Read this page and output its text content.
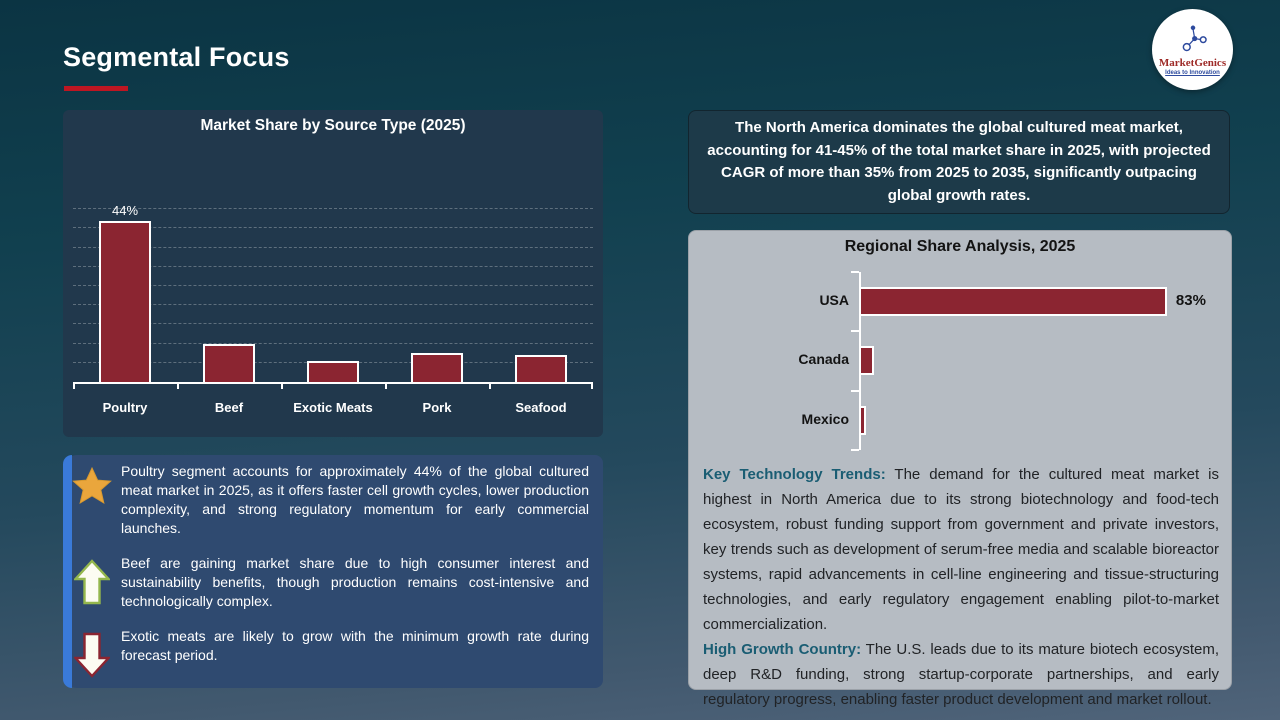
Segmental Focus	MarketGenics
Ideas to Innovation
Market Share by Source Type (2025)
44%
Poultry	Beef	Exotic Meats	Pork	Seafood
The North America dominates the global cultured meat market, accounting for 41-45% of the total market share in 2025, with projected CAGR of more than 35% from 2025 to 2035, significantly outpacing global growth rates.
Regional Share Analysis, 2025
USA	83%
Canada
Mexico
Key Technology Trends: The demand for the cultured meat market is highest in North America due to its strong biotechnology and food-tech ecosystem, robust funding support from government and private investors, key trends such as development of serum-free media and scalable bioreactor systems, rapid advancements in cell-line engineering and tissue-structuring technologies, and early regulatory engagement enabling pilot-to-market commercialization.
High Growth Country: The U.S. leads due to its mature biotech ecosystem, deep R&D funding, strong startup-corporate partnerships, and early regulatory progress, enabling faster product development and market rollout.
Poultry segment accounts for approximately 44% of the global cultured meat market in 2025, as it offers faster cell growth cycles, lower production complexity, and strong regulatory momentum for early commercial launches.
Beef are gaining market share due to high consumer interest and sustainability benefits, though production remains cost-intensive and technologically complex.
Exotic meats are likely to grow with the minimum growth rate during forecast period.
